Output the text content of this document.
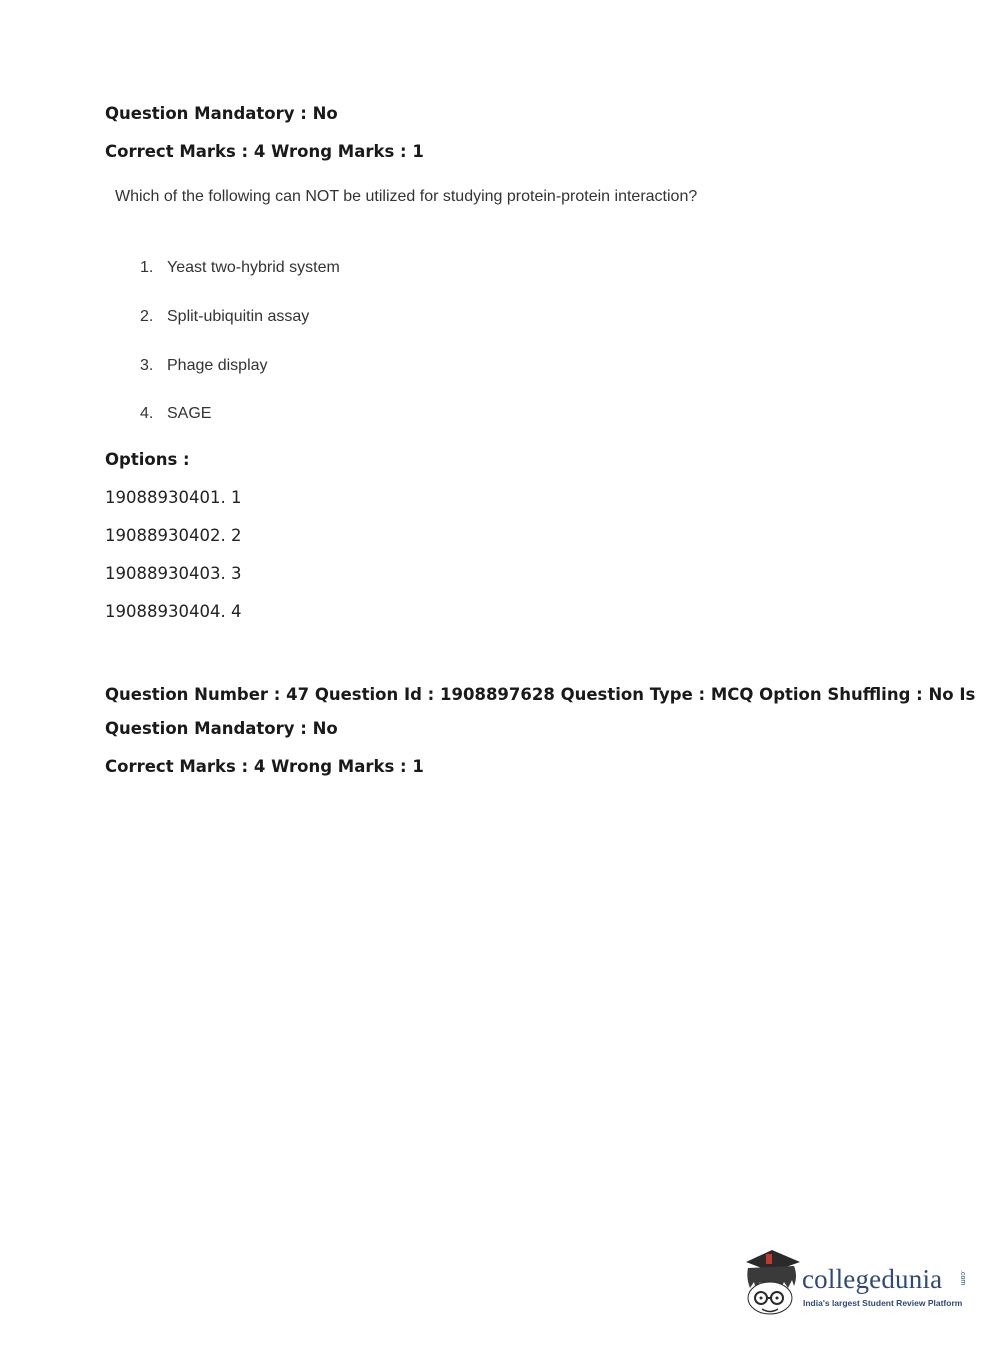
Question Mandatory : No
Correct Marks : 4 Wrong Marks : 1
Which of the following can NOT be utilized for studying protein-protein interaction?
1. Yeast two-hybrid system
2. Split-ubiquitin assay
3. Phage display
4. SAGE
Options :
19088930401. 1
19088930402. 2
19088930403. 3
19088930404. 4
Question Number : 47 Question Id : 1908897628 Question Type : MCQ Option Shuffling : No Is
Question Mandatory : No
Correct Marks : 4 Wrong Marks : 1
collegedunia .com
India's largest Student Review Platform
